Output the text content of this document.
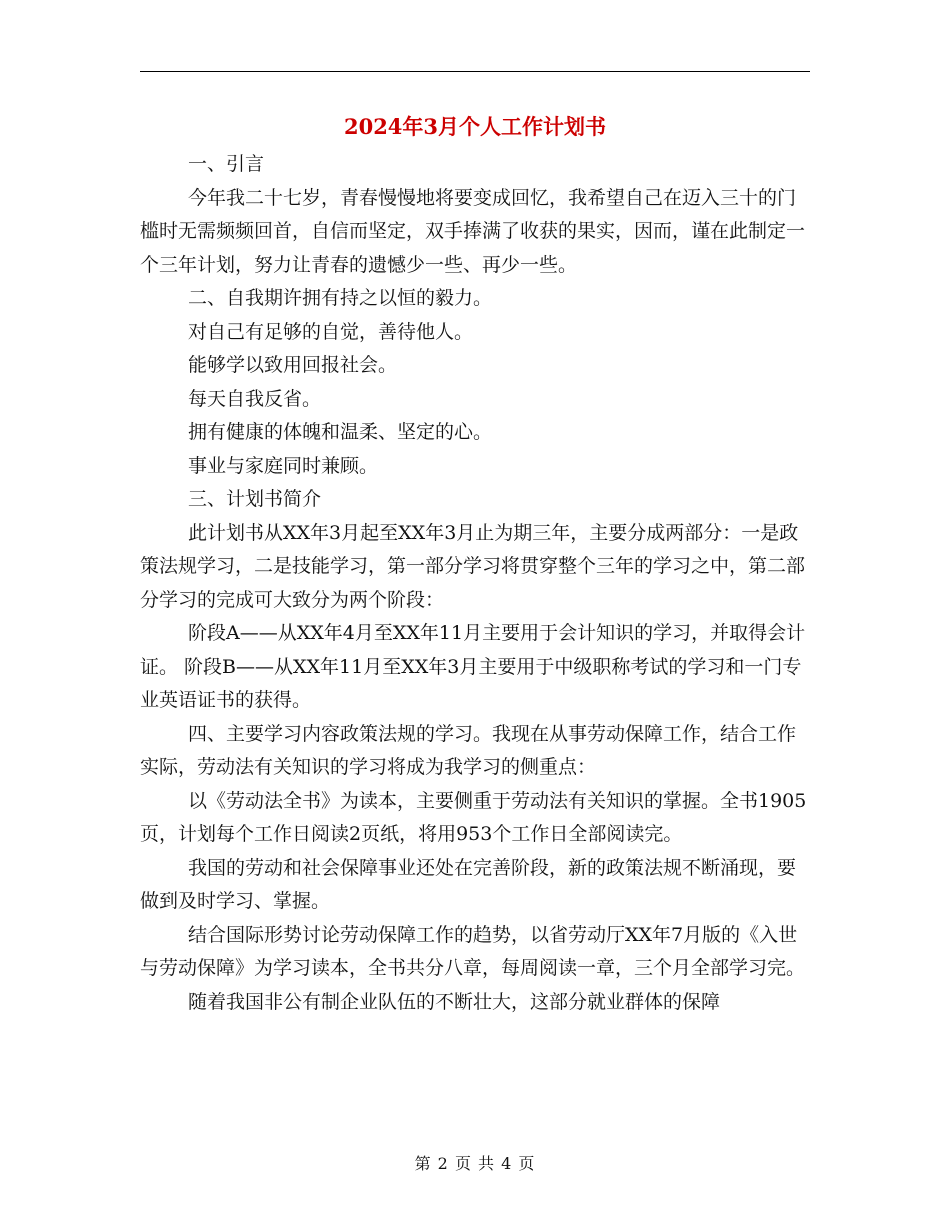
2024年3月个人工作计划书

一、引言

今年我二十七岁，青春慢慢地将要变成回忆，我希望自己在迈入三十的门槛时无需频频回首，自信而坚定，双手捧满了收获的果实，因而，谨在此制定一个三年计划，努力让青春的遗憾少一些、再少一些。

二、自我期许拥有持之以恒的毅力。

对自己有足够的自觉，善待他人。

能够学以致用回报社会。

每天自我反省。

拥有健康的体魄和温柔、坚定的心。

事业与家庭同时兼顾。

三、计划书简介

此计划书从XX年3月起至XX年3月止为期三年，主要分成两部分：一是政策法规学习，二是技能学习，第一部分学习将贯穿整个三年的学习之中，第二部分学习的完成可大致分为两个阶段：

阶段A——从XX年4月至XX年11月主要用于会计知识的学习，并取得会计证。 阶段B——从XX年11月至XX年3月主要用于中级职称考试的学习和一门专业英语证书的获得。

四、主要学习内容政策法规的学习。我现在从事劳动保障工作，结合工作实际，劳动法有关知识的学习将成为我学习的侧重点：

以《劳动法全书》为读本，主要侧重于劳动法有关知识的掌握。全书1905页，计划每个工作日阅读2页纸，将用953个工作日全部阅读完。

我国的劳动和社会保障事业还处在完善阶段，新的政策法规不断涌现，要做到及时学习、掌握。

结合国际形势讨论劳动保障工作的趋势，以省劳动厅XX年7月版的《入世与劳动保障》为学习读本，全书共分八章，每周阅读一章，三个月全部学习完。

随着我国非公有制企业队伍的不断壮大，这部分就业群体的保障

第 2 页 共 4 页
